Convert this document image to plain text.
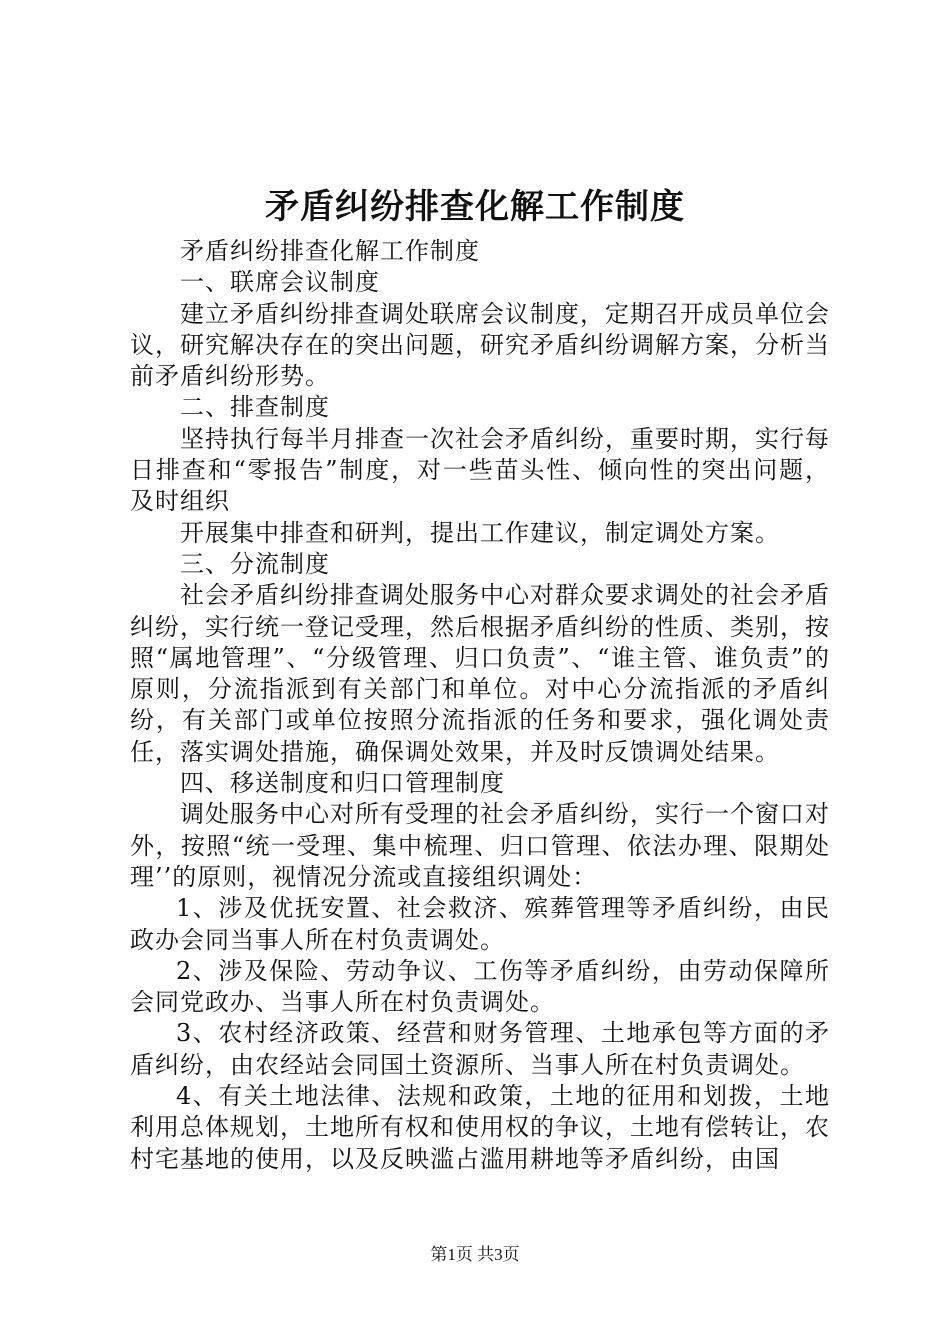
矛盾纠纷排查化解工作制度

矛盾纠纷排查化解工作制度

一、联席会议制度

建立矛盾纠纷排查调处联席会议制度，定期召开成员单位会议，研究解决存在的突出问题，研究矛盾纠纷调解方案，分析当前矛盾纠纷形势。

二、排查制度

坚持执行每半月排查一次社会矛盾纠纷，重要时期，实行每日排查和“零报告”制度，对一些苗头性、倾向性的突出问题，及时组织

开展集中排查和研判，提出工作建议，制定调处方案。

三、分流制度

社会矛盾纠纷排查调处服务中心对群众要求调处的社会矛盾纠纷，实行统一登记受理，然后根据矛盾纠纷的性质、类别，按照“属地管理”、“分级管理、归口负责”、“谁主管、谁负责”的原则，分流指派到有关部门和单位。对中心分流指派的矛盾纠纷，有关部门或单位按照分流指派的任务和要求，强化调处责任，落实调处措施，确保调处效果，并及时反馈调处结果。

四、移送制度和归口管理制度

调处服务中心对所有受理的社会矛盾纠纷，实行一个窗口对外，按照“统一受理、集中梳理、归口管理、依法办理、限期处理’’的原则，视情况分流或直接组织调处：

1、涉及优抚安置、社会救济、殡葬管理等矛盾纠纷，由民政办会同当事人所在村负责调处。

2、涉及保险、劳动争议、工伤等矛盾纠纷，由劳动保障所会同党政办、当事人所在村负责调处。

3、农村经济政策、经营和财务管理、土地承包等方面的矛盾纠纷，由农经站会同国土资源所、当事人所在村负责调处。

4、有关土地法律、法规和政策，土地的征用和划拨，土地利用总体规划，土地所有权和使用权的争议，土地有偿转让，农村宅基地的使用，以及反映滥占滥用耕地等矛盾纠纷，由国

第1页 共3页
